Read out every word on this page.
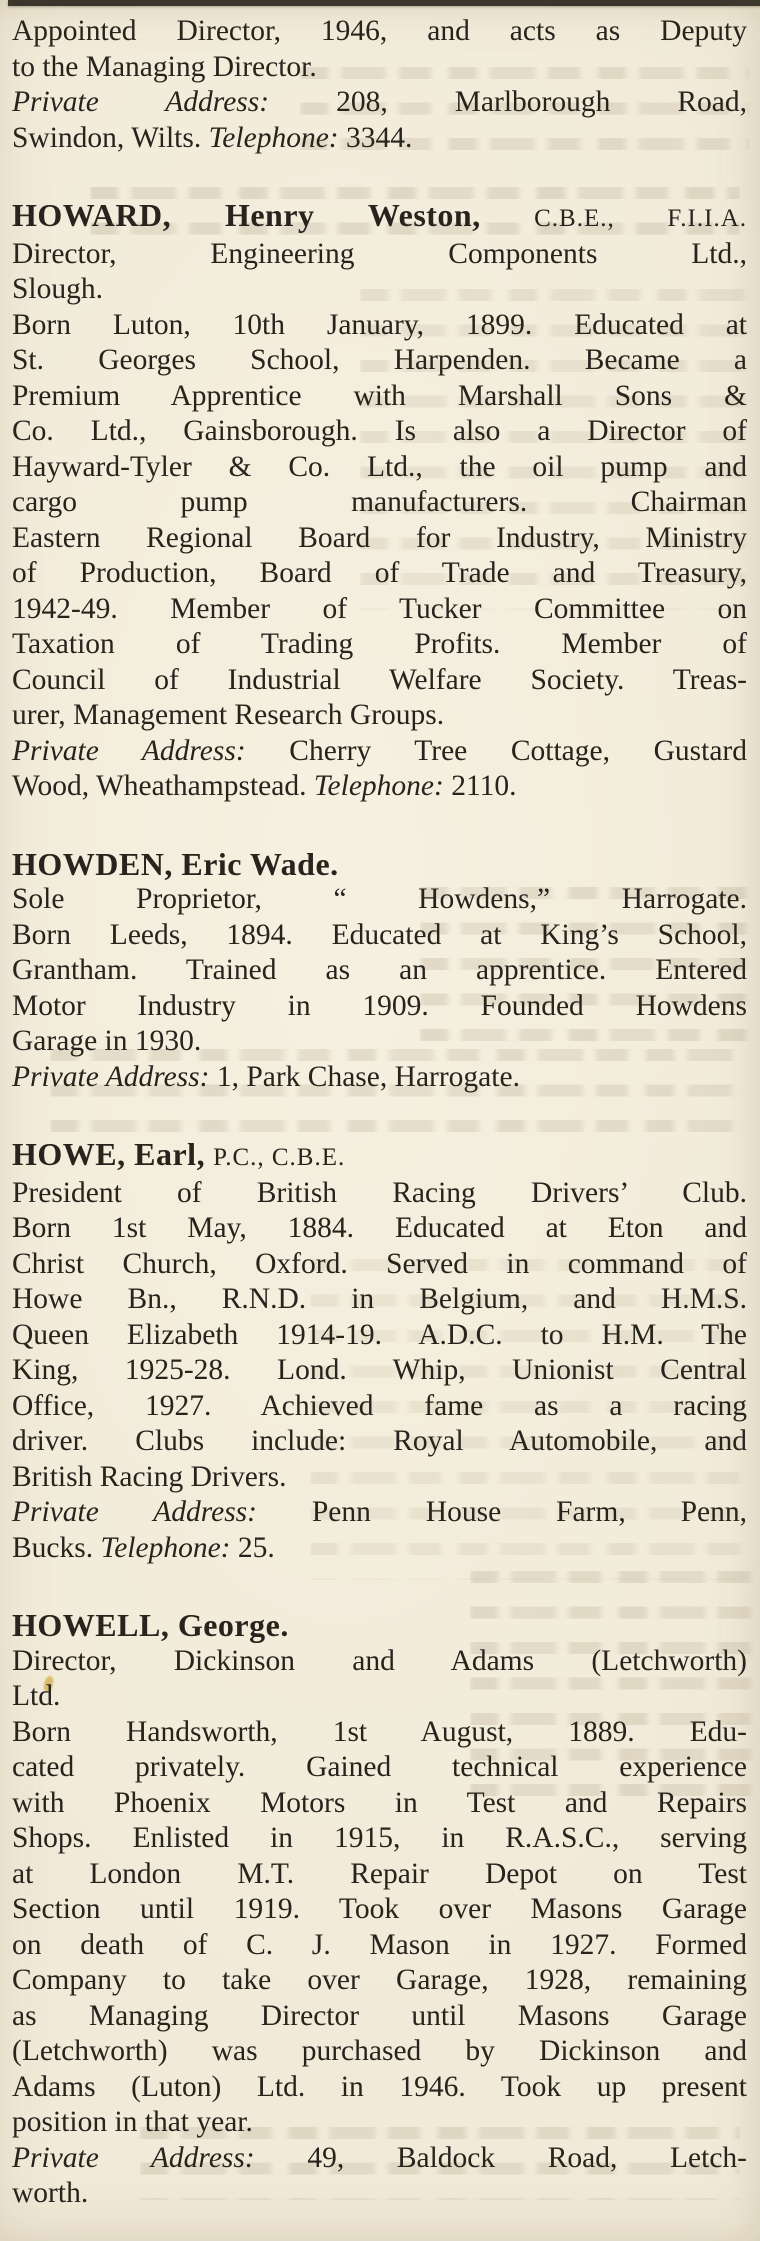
Appointed Director, 1946, and acts as Deputy
to the Managing Director.
Private Address: 208, Marlborough Road,
Swindon, Wilts. Telephone: 3344.
HOWARD, Henry Weston, C.B.E., F.I.I.A.
Director, Engineering Components Ltd.,
Slough.
Born Luton, 10th January, 1899. Educated at
St. Georges School, Harpenden. Became a
Premium Apprentice with Marshall Sons &
Co. Ltd., Gainsborough. Is also a Director of
Hayward-Tyler & Co. Ltd., the oil pump and
cargo pump manufacturers. Chairman
Eastern Regional Board for Industry, Ministry
of Production, Board of Trade and Treasury,
1942-49. Member of Tucker Committee on
Taxation of Trading Profits. Member of
Council of Industrial Welfare Society. Treas-
urer, Management Research Groups.
Private Address: Cherry Tree Cottage, Gustard
Wood, Wheathampstead. Telephone: 2110.
HOWDEN, Eric Wade.
Sole Proprietor, “ Howdens,” Harrogate.
Born Leeds, 1894. Educated at King’s School,
Grantham. Trained as an apprentice. Entered
Motor Industry in 1909. Founded Howdens
Garage in 1930.
Private Address: 1, Park Chase, Harrogate.
HOWE, Earl, P.C., C.B.E.
President of British Racing Drivers’ Club.
Born 1st May, 1884. Educated at Eton and
Christ Church, Oxford. Served in command of
Howe Bn., R.N.D. in Belgium, and H.M.S.
Queen Elizabeth 1914-19. A.D.C. to H.M. The
King, 1925-28. Lond. Whip, Unionist Central
Office, 1927. Achieved fame as a racing
driver. Clubs include: Royal Automobile, and
British Racing Drivers.
Private Address: Penn House Farm, Penn,
Bucks. Telephone: 25.
HOWELL, George.
Director, Dickinson and Adams (Letchworth)
Ltd.
Born Handsworth, 1st August, 1889. Edu-
cated privately. Gained technical experience
with Phoenix Motors in Test and Repairs
Shops. Enlisted in 1915, in R.A.S.C., serving
at London M.T. Repair Depot on Test
Section until 1919. Took over Masons Garage
on death of C. J. Mason in 1927. Formed
Company to take over Garage, 1928, remaining
as Managing Director until Masons Garage
(Letchworth) was purchased by Dickinson and
Adams (Luton) Ltd. in 1946. Took up present
position in that year.
Private Address: 49, Baldock Road, Letch-
worth.
